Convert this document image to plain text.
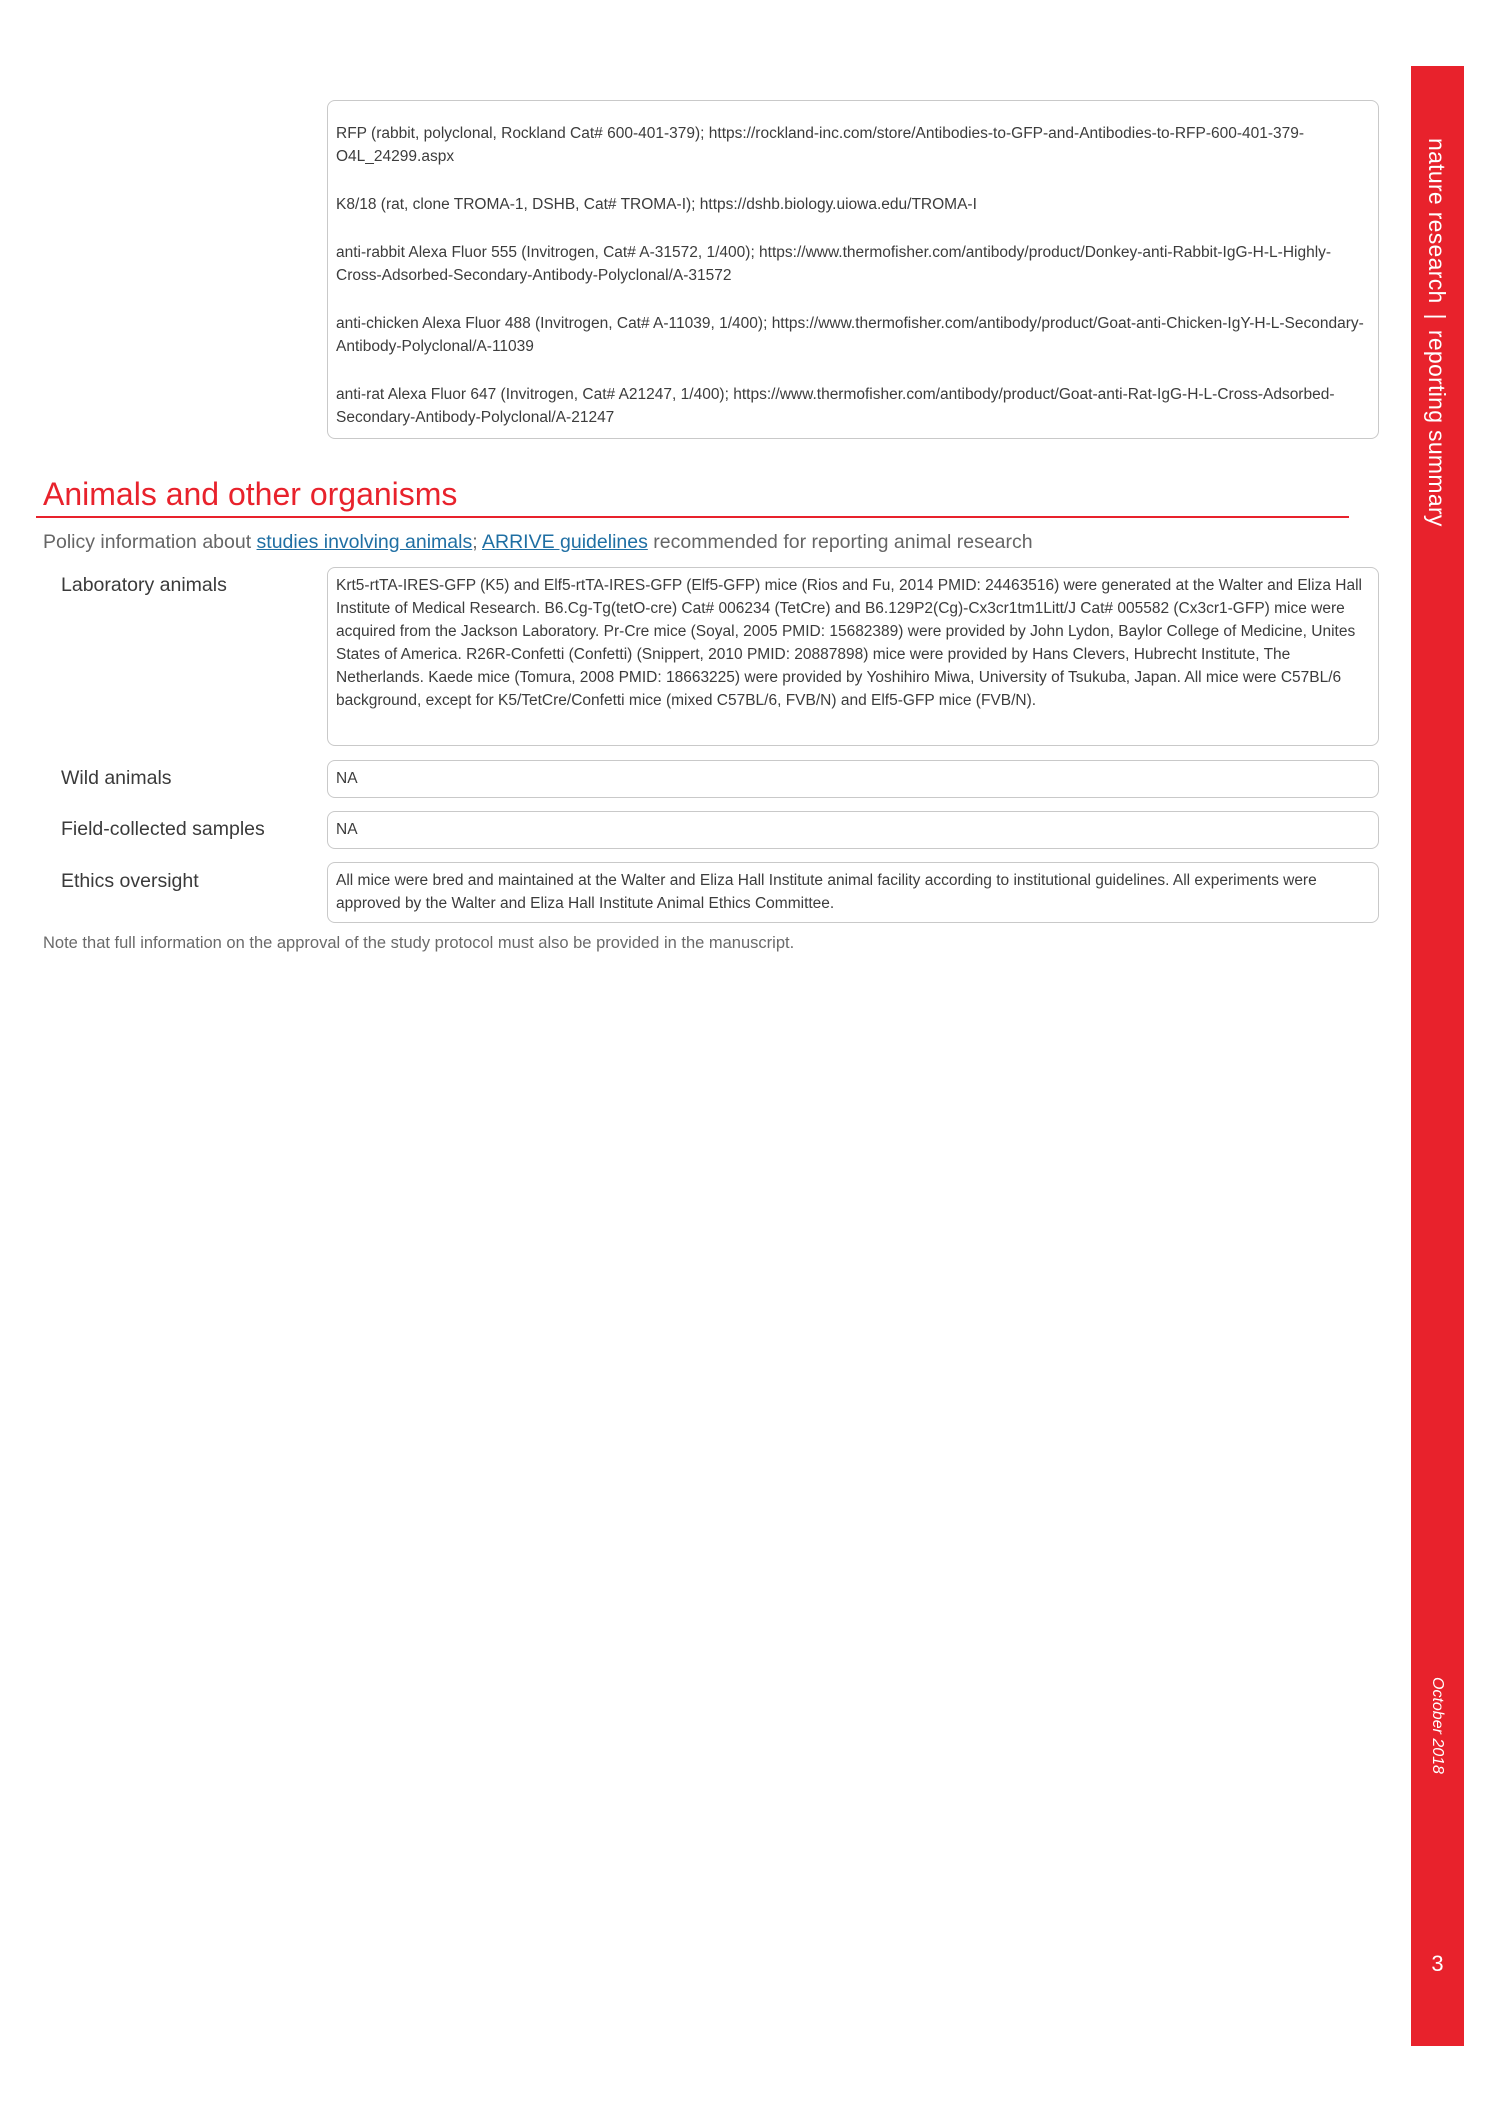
RFP (rabbit, polyclonal, Rockland Cat# 600-401-379); https://rockland-inc.com/store/Antibodies-to-GFP-and-Antibodies-to-RFP-600-401-379-O4L_24299.aspx

K8/18 (rat, clone TROMA-1, DSHB, Cat# TROMA-I); https://dshb.biology.uiowa.edu/TROMA-I

anti-rabbit Alexa Fluor 555 (Invitrogen, Cat# A-31572, 1/400); https://www.thermofisher.com/antibody/product/Donkey-anti-Rabbit-IgG-H-L-Highly-Cross-Adsorbed-Secondary-Antibody-Polyclonal/A-31572

anti-chicken Alexa Fluor 488 (Invitrogen, Cat# A-11039, 1/400); https://www.thermofisher.com/antibody/product/Goat-anti-Chicken-IgY-H-L-Secondary-Antibody-Polyclonal/A-11039

anti-rat Alexa Fluor 647 (Invitrogen, Cat# A21247, 1/400); https://www.thermofisher.com/antibody/product/Goat-anti-Rat-IgG-H-L-Cross-Adsorbed-Secondary-Antibody-Polyclonal/A-21247

Animals and other organisms
Policy information about studies involving animals; ARRIVE guidelines recommended for reporting animal research
Laboratory animals	Krt5-rtTA-IRES-GFP (K5) and Elf5-rtTA-IRES-GFP (Elf5-GFP) mice (Rios and Fu, 2014 PMID: 24463516) were generated at the Walter and Eliza Hall Institute of Medical Research. B6.Cg-Tg(tetO-cre) Cat# 006234 (TetCre) and B6.129P2(Cg)-Cx3cr1tm1Litt/J Cat# 005582 (Cx3cr1-GFP) mice were acquired from the Jackson Laboratory. Pr-Cre mice (Soyal, 2005 PMID: 15682389) were provided by John Lydon, Baylor College of Medicine, Unites States of America. R26R-Confetti (Confetti) (Snippert, 2010 PMID: 20887898) mice were provided by Hans Clevers, Hubrecht Institute, The Netherlands. Kaede mice (Tomura, 2008 PMID: 18663225) were provided by Yoshihiro Miwa, University of Tsukuba, Japan. All mice were C57BL/6 background, except for K5/TetCre/Confetti mice (mixed C57BL/6, FVB/N) and Elf5-GFP mice (FVB/N).
Wild animals	NA
Field-collected samples	NA
Ethics oversight	All mice were bred and maintained at the Walter and Eliza Hall Institute animal facility according to institutional guidelines. All experiments were approved by the Walter and Eliza Hall Institute Animal Ethics Committee.
Note that full information on the approval of the study protocol must also be provided in the manuscript.
nature research|reporting summary
October 2018
3
